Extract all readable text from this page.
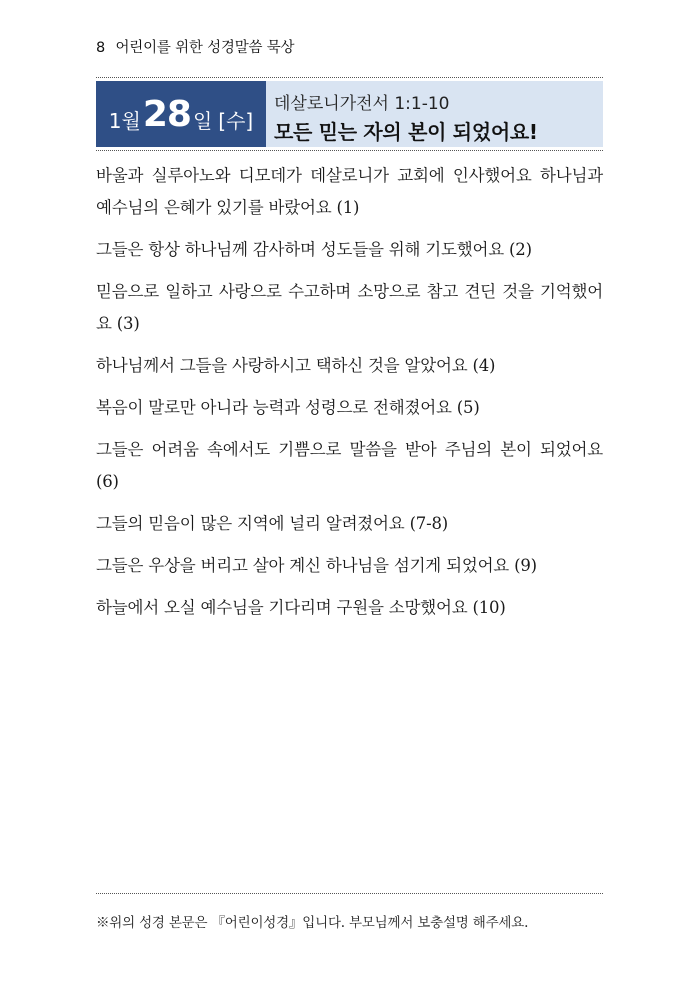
8 어린이를 위한 성경말씀 묵상
1월 28 일 [수]
데살로니가전서 1:1-10
모든 믿는 자의 본이 되었어요!

바울과 실루아노와 디모데가 데살로니가 교회에 인사했어요 하나님과 예수님의 은혜가 있기를 바랐어요 (1)

그들은 항상 하나님께 감사하며 성도들을 위해 기도했어요 (2)

믿음으로 일하고 사랑으로 수고하며 소망으로 참고 견딘 것을 기억했어요 (3)

하나님께서 그들을 사랑하시고 택하신 것을 알았어요 (4)

복음이 말로만 아니라 능력과 성령으로 전해졌어요 (5)

그들은 어려움 속에서도 기쁨으로 말씀을 받아 주님의 본이 되었어요 (6)

그들의 믿음이 많은 지역에 널리 알려졌어요 (7-8)

그들은 우상을 버리고 살아 계신 하나님을 섬기게 되었어요 (9)

하늘에서 오실 예수님을 기다리며 구원을 소망했어요 (10)

※위의 성경 본문은 『어린이성경』입니다. 부모님께서 보충설명 해주세요.
